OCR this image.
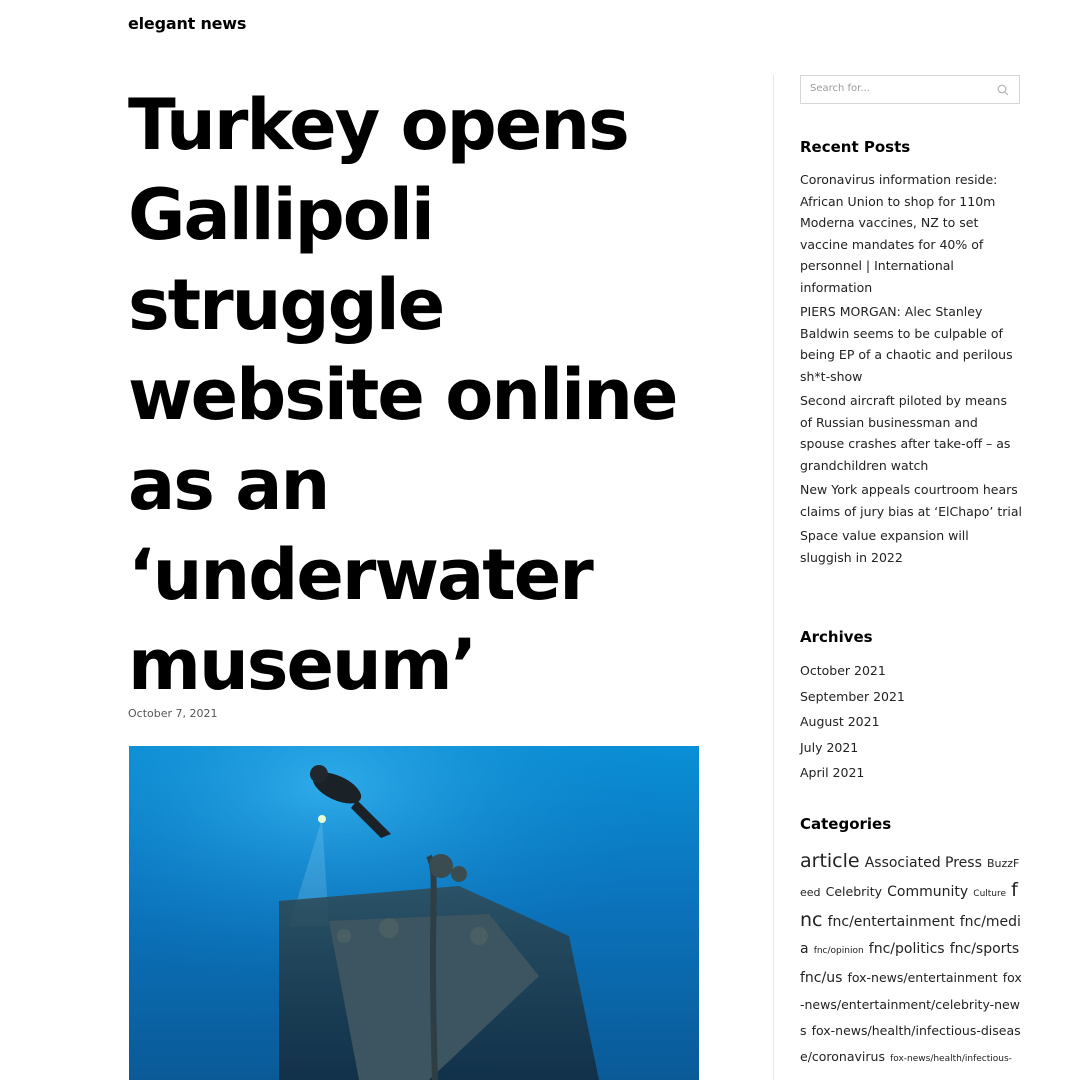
elegant news
Turkey opens Gallipoli struggle website online as an ‘underwater museum’
October 7, 2021
Search for...
Recent Posts
Coronavirus information reside: African Union to shop for 110m Moderna vaccines, NZ to set vaccine mandates for 40% of personnel | International information
PIERS MORGAN: Alec Stanley Baldwin seems to be culpable of being EP of a chaotic and perilous sh*t-show
Second aircraft piloted by means of Russian businessman and spouse crashes after take-off – as grandchildren watch
New York appeals courtroom hears claims of jury bias at ‘ElChapo’ trial
Space value expansion will sluggish in 2022
Archives
October 2021
September 2021
August 2021
July 2021
April 2021
Categories
article Associated Press BuzzFeed Celebrity Community Culture fnc fnc/entertainment fnc/media fnc/opinion fnc/politics fnc/sports fnc/us fox-news/entertainment fox-news/entertainment/celebrity-news fox-news/health/infectious-disease/coronavirus fox-news/health/infectious-
